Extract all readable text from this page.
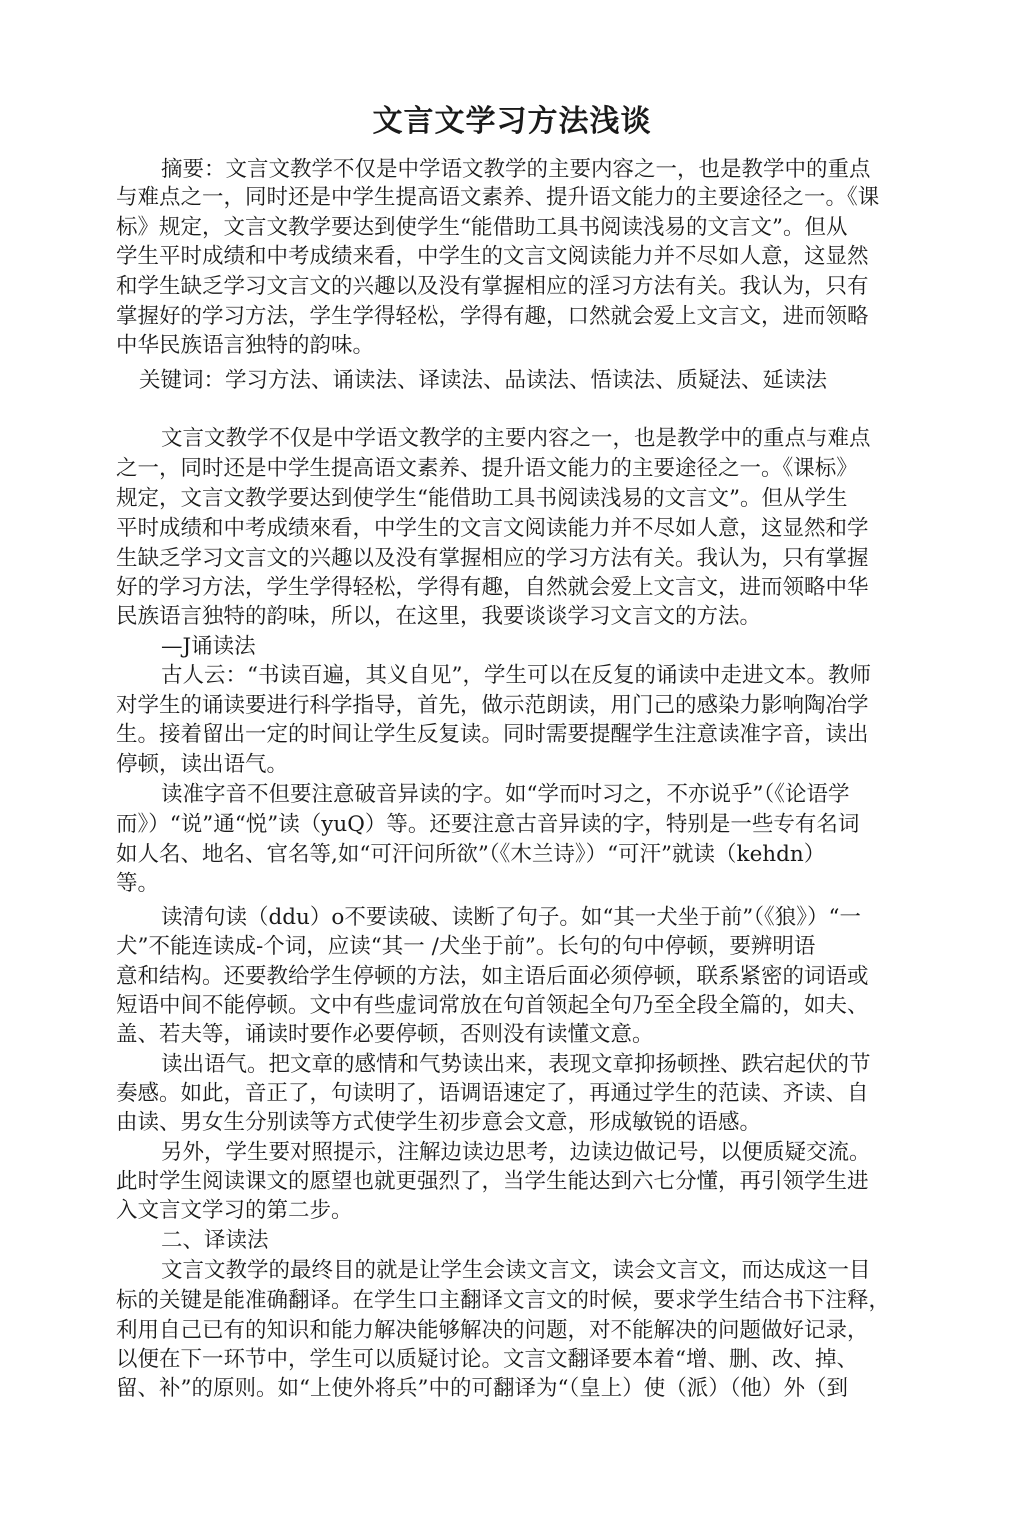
文言文学习方法浅谈

摘要：文言文教学不仅是中学语文教学的主要内容之一，也是教学中的重点

与难点之一，同时还是中学生提高语文素养、提升语文能力的主要途径之一。《课

标》规定，文言文教学要达到使学生“能借助工具书阅读浅易的文言文”。但从

学生平时成绩和中考成绩来看，中学生的文言文阅读能力并不尽如人意，这显然

和学生缺乏学习文言文的兴趣以及没有掌握相应的淫习方法有关。我认为，只有

掌握好的学习方法，学生学得轻松，学得有趣，口然就会爱上文言文，进而领略

中华民族语言独特的韵味。

关键词：学习方法、诵读法、译读法、品读法、悟读法、质疑法、延读法

文言文教学不仅是中学语文教学的主要内容之一，也是教学中的重点与难点

之一，同时还是中学生提高语文素养、提升语文能力的主要途径之一。《课标》

规定，文言文教学要达到使学生“能借助工具书阅读浅易的文言文”。但从学生

平时成绩和中考成绩來看，中学生的文言文阅读能力并不尽如人意，这显然和学

生缺乏学习文言文的兴趣以及没有掌握相应的学习方法有关。我认为，只有掌握

好的学习方法，学生学得轻松，学得有趣，自然就会爱上文言文，进而领略中华

民族语言独特的韵味，所以，在这里，我要谈谈学习文言文的方法。

—J诵读法

古人云：“书读百遍，其义自见”，学生可以在反复的诵读中走进文本。教师

对学生的诵读要进行科学指导，首先，做示范朗读，用门己的感染力影响陶冶学

生。接着留出一定的时间让学生反复读。同时需要提醒学生注意读准字音，读出

停顿，读出语气。

读准字音不但要注意破音异读的字。如“学而吋习之，不亦说乎”（《论语学

而》）“说”通“悦”读（yuQ）等。还要注意古音异读的字，特别是一些专有名词

如人名、地名、官名等,如“可汗问所欲”（《木兰诗》）“可汗”就读（kehdn）

等。

读清句读（ddu）o不要读破、读断了句子。如“其一犬坐于前”（《狼》）“一

犬”不能连读成-个词，应读“其一 /犬坐于前”。长句的句中停顿，要辨明语

意和结构。还要教给学生停顿的方法，如主语后面必须停顿，联系紧密的词语或

短语中间不能停顿。文中有些虚词常放在句首领起全句乃至全段全篇的，如夫、

盖、若夫等，诵读时要作必要停顿，否则没有读懂文意。

读出语气。把文章的感情和气势读出来，表现文章抑扬顿挫、跌宕起伏的节

奏感。如此，音正了，句读明了，语调语速定了，再通过学生的范读、齐读、自

由读、男女生分别读等方式使学生初步意会文意，形成敏锐的语感。

另外，学生要对照提示，注解边读边思考，边读边做记号，以便质疑交流。

此时学生阅读课文的愿望也就更强烈了，当学生能达到六七分懂，再引领学生进

入文言文学习的第二步。

二、译读法

文言文教学的最终目的就是让学生会读文言文，读会文言文，而达成这一目

标的关键是能准确翻译。在学生口主翻译文言文的时候，要求学生结合书下注释，

利用自己已有的知识和能力解决能够解决的问题，对不能解决的问题做好记录，

以便在下一环节中，学生可以质疑讨论。文言文翻译要本着“增、删、改、掉、

留、补”的原则。如“上使外将兵”中的可翻译为“（皇上）使（派）（他）外（到
